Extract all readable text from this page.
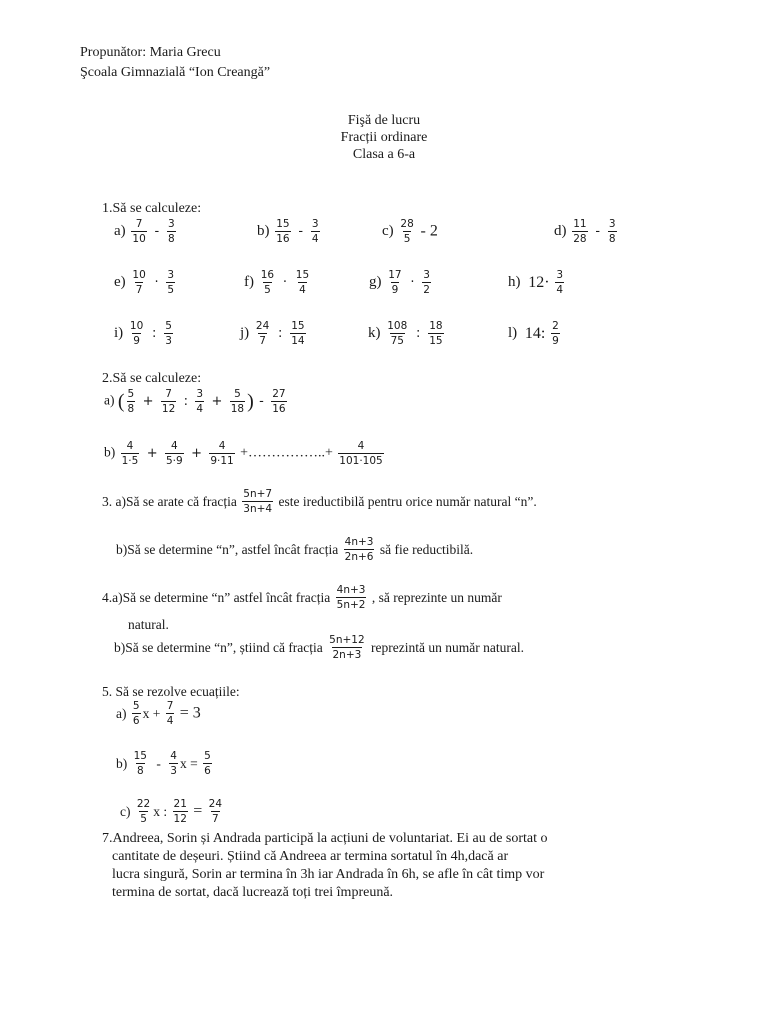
Propunător: Maria Grecu
Şcoala Gimnazială “Ion Creangă”
Fişă de lucru
Fracții ordinare
Clasa a 6-a
1.Să se calculeze:
$a) \frac{7}{10} - \frac{3}{8}$	$b) \frac{15}{16} - \frac{3}{4}$	$c) \frac{28}{5} - 2$	$d) \frac{11}{28} - \frac{3}{8}$
$e) \frac{10}{7} \cdot \frac{3}{5}$	$f) \frac{16}{5} \cdot \frac{15}{4}$	$g) \frac{17}{9} \cdot \frac{3}{2}$	h) $12\cdot \frac{3}{4}$
$i) \frac{10}{9}$ : $\frac{5}{3}$	$j) \frac{24}{7}$ : $\frac{15}{14}$	$k) \frac{108}{75}$ : $\frac{18}{15}$	l) 14: $\frac{2}{9}$
2.Să se calculeze:
a) ( $\frac{5}{8} + \frac{7}{12}$ : $\frac{3}{4} + \frac{5}{18}$ ) - $\frac{27}{16}$
$b) \frac{4}{1\cdot 5} + \frac{4}{5\cdot 9} + \frac{4}{9\cdot 11}$ +……………..+ $\frac{4}{101\cdot 105}$
3. a)Să se arate că fracția $\frac{5n+7}{3n+4}$ este ireductibilă pentru orice număr natural “n”.
b)Să se determine “n”, astfel încât fracția $\frac{4n+3}{2n+6}$ să fie reductibilă.
4.a)Să se determine “n” astfel încât fracția $\frac{4n+3}{5n+2}$ , să reprezinte un număr
natural.
b)Să se determine “n”, știind că fracția $\frac{5n+12}{2n+3}$ reprezintă un număr natural.
5. Să se rezolve ecuațiile:
$a) \frac{5}{6}$ $x + \frac{7}{4} = 3$
$b) \frac{15}{8} - \frac{4}{3}$ $x = \frac{5}{6}$
$c) \frac{22}{5}$ x : $\frac{21}{12} = \frac{24}{7}$
7.Andreea, Sorin și Andrada participă la acțiuni de voluntariat. Ei au de sortat o
cantitate de deșeuri. Știind că Andreea ar termina sortatul în 4h,dacă ar
lucra singură, Sorin ar termina în 3h iar Andrada în 6h, se afle în cât timp vor
termina de sortat, dacă lucrează toți trei împreună.
